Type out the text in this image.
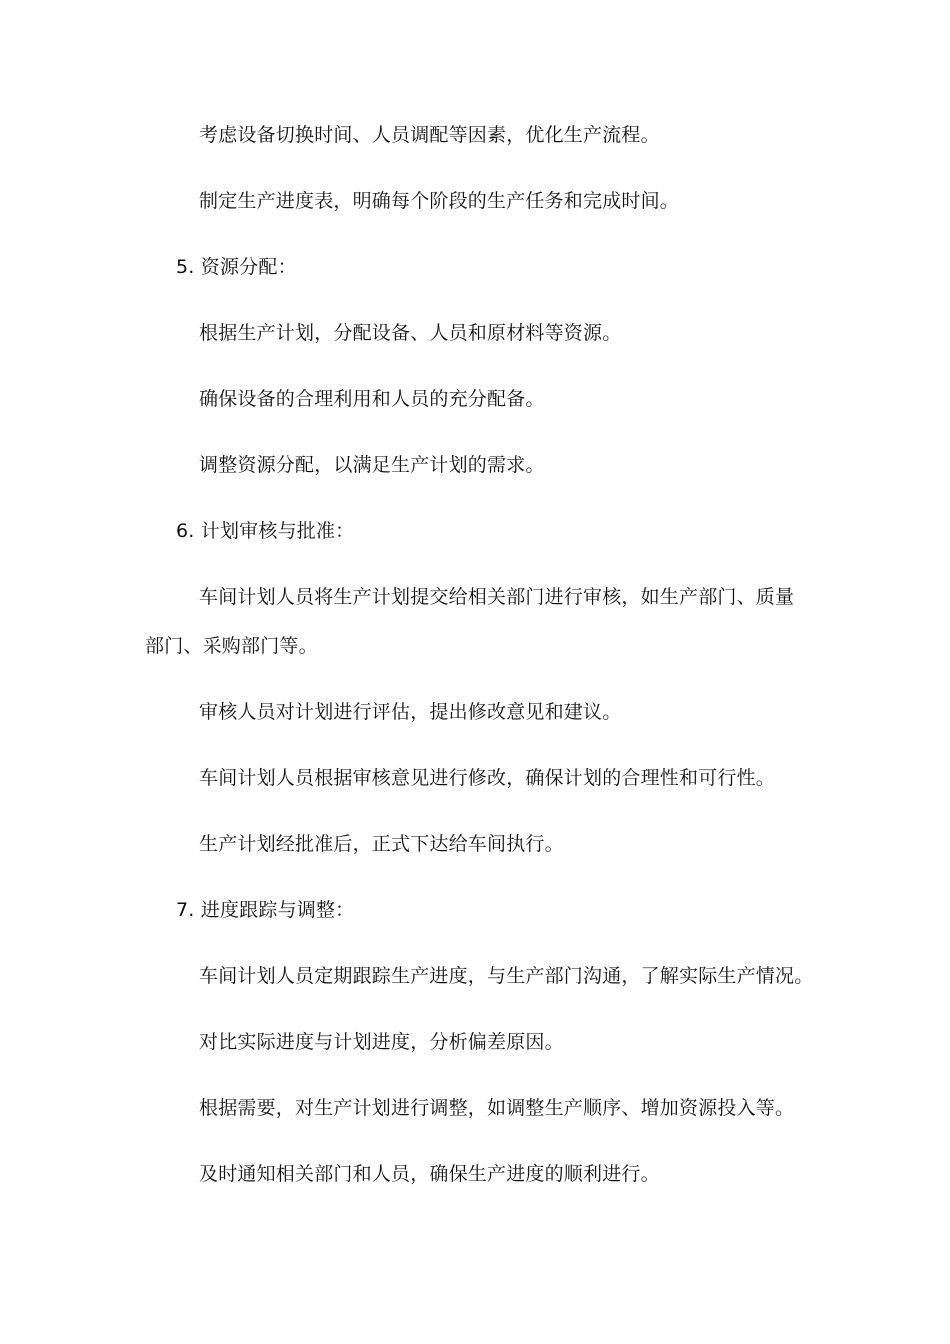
考虑设备切换时间、人员调配等因素，优化生产流程。
制定生产进度表，明确每个阶段的生产任务和完成时间。
5. 资源分配：
根据生产计划，分配设备、人员和原材料等资源。
确保设备的合理利用和人员的充分配备。
调整资源分配，以满足生产计划的需求。
6. 计划审核与批准：
车间计划人员将生产计划提交给相关部门进行审核，如生产部门、质量
部门、采购部门等。
审核人员对计划进行评估，提出修改意见和建议。
车间计划人员根据审核意见进行修改，确保计划的合理性和可行性。
生产计划经批准后，正式下达给车间执行。
7. 进度跟踪与调整：
车间计划人员定期跟踪生产进度，与生产部门沟通，了解实际生产情况。
对比实际进度与计划进度，分析偏差原因。
根据需要，对生产计划进行调整，如调整生产顺序、增加资源投入等。
及时通知相关部门和人员，确保生产进度的顺利进行。
